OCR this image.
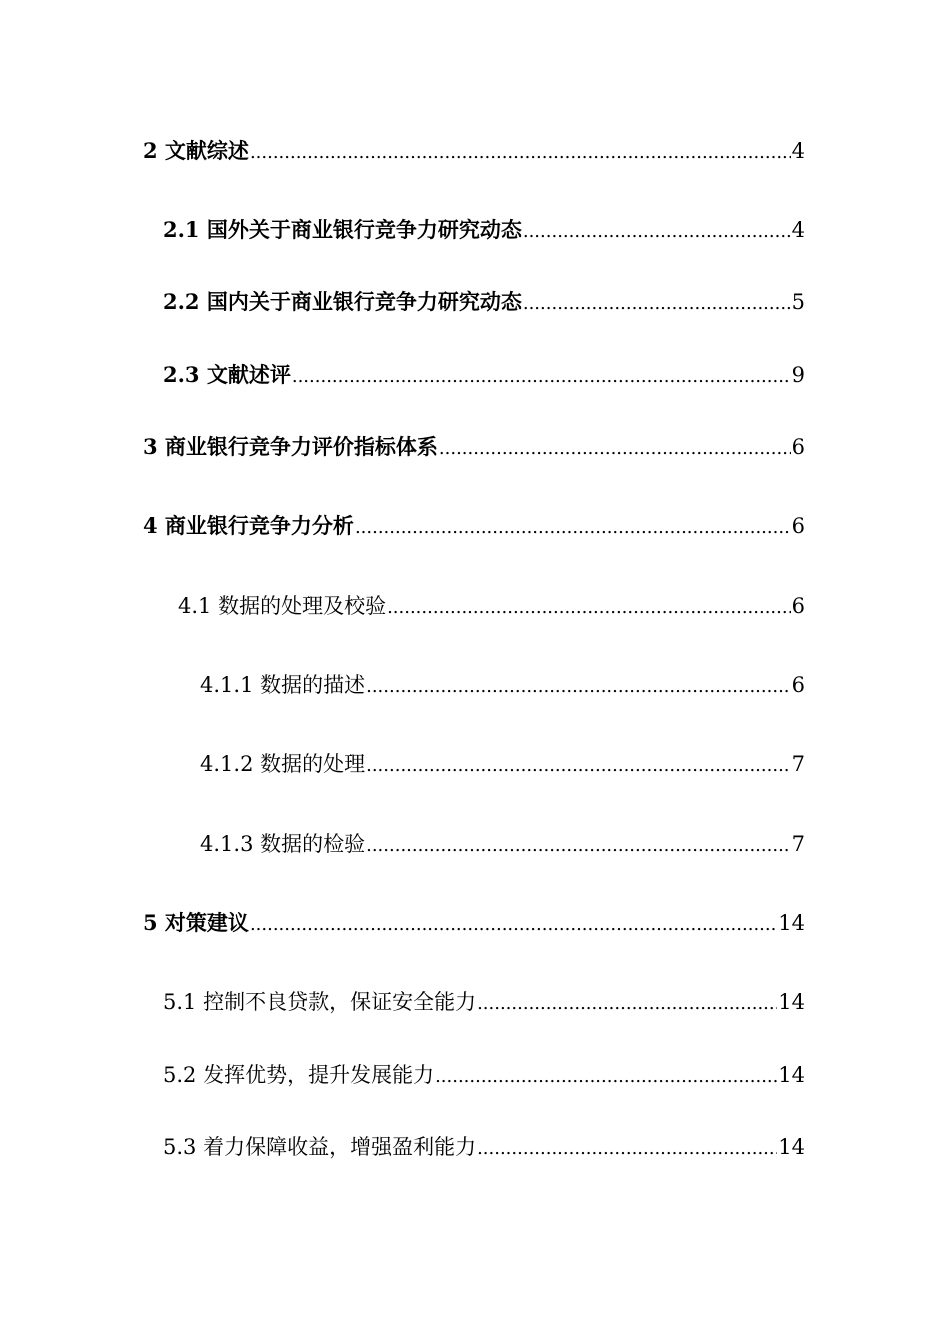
2 文献综述 .....	4
2.1 国外关于商业银行竞争力研究动态 .....	4
2.2 国内关于商业银行竞争力研究动态 .....	5
2.3 文献述评 .....	9
3 商业银行竞争力评价指标体系 .....	6
4 商业银行竞争力分析 .....	6
4.1 数据的处理及校验 .....	6
4.1.1 数据的描述 .....	6
4.1.2 数据的处理 .....	7
4.1.3 数据的检验 .....	7
5 对策建议 .....	14
5.1 控制不良贷款，保证安全能力 .....	14
5.2 发挥优势，提升发展能力 .....	14
5.3 着力保障收益，增强盈利能力 .....	14
